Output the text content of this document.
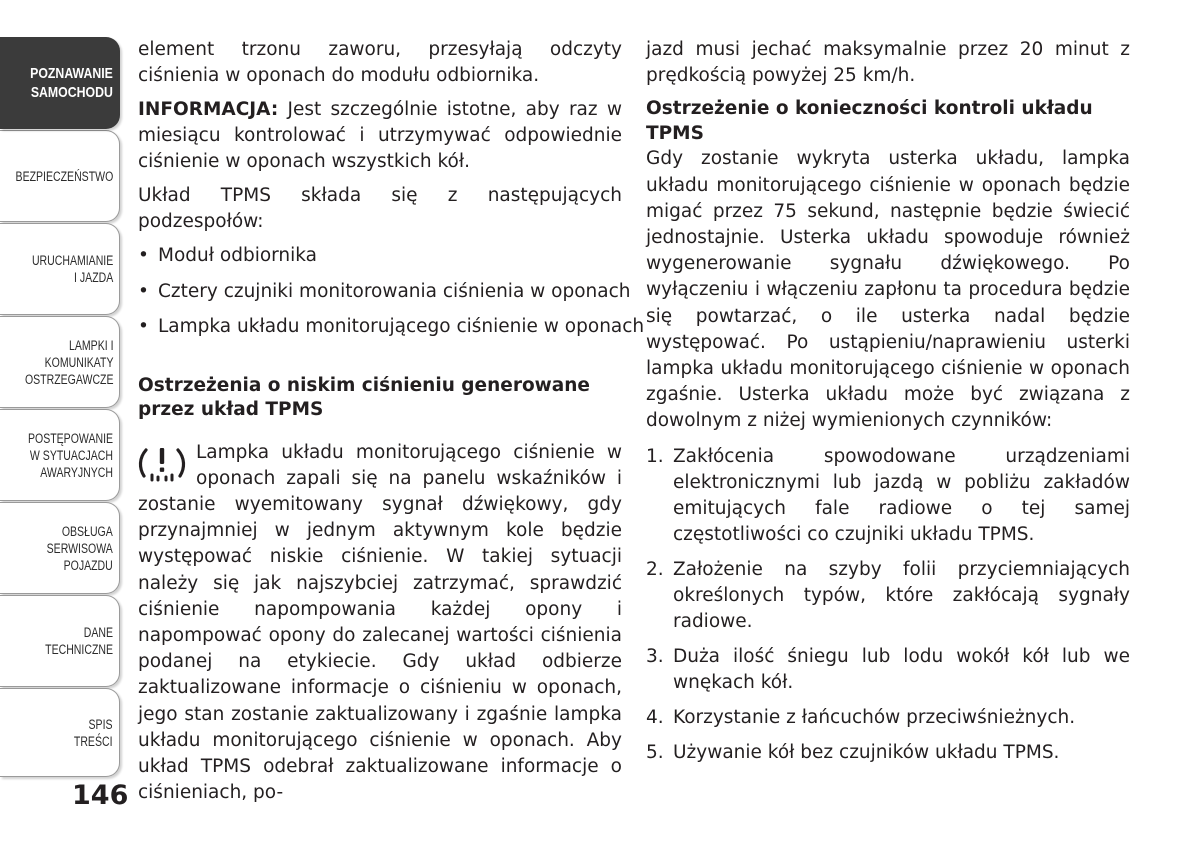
POZNAWANIE
SAMOCHODU
BEZPIECZEŃSTWO
URUCHAMIANIE
I JAZDA
LAMPKI I
KOMUNIKATY
OSTRZEGAWCZE
POSTĘPOWANIE
W SYTUACJACH
AWARYJNYCH
OBSŁUGA
SERWISOWA
POJAZDU
DANE
TECHNICZNE
SPIS
TREŚCI
146

element trzonu zaworu, przesyłają odczyty ciśnienia w oponach do modułu odbiornika.

INFORMACJA: Jest szczególnie istotne, aby raz w miesiącu kontrolować i utrzymywać odpowiednie ciśnienie w oponach wszystkich kół.

Układ TPMS składa się z następujących podzespołów:

• Moduł odbiornika
• Cztery czujniki monitorowania ciśnienia w oponach
• Lampka układu monitorującego ciśnienie w oponach
Ostrzeżenia o niskim ciśnieniu generowane przez układ TPMS

Lampka układu monitorującego ciśnienie w oponach zapali się na panelu wskaźników i zostanie wyemitowany sygnał dźwiękowy, gdy przynajmniej w jednym aktywnym kole będzie występować niskie ciśnienie. W takiej sytuacji należy się jak najszybciej zatrzymać, sprawdzić ciśnienie napompowania każdej opony i napompować opony do zalecanej wartości ciśnienia podanej na etykiecie. Gdy układ odbierze zaktualizowane informacje o ciśnieniu w oponach, jego stan zostanie zaktualizowany i zgaśnie lampka układu monitorującego ciśnienie w oponach. Aby układ TPMS odebrał zaktualizowane informacje o ciśnieniach, po-

jazd musi jechać maksymalnie przez 20 minut z prędkością powyżej 25 km/h.

Ostrzeżenie o konieczności kontroli układu TPMS

Gdy zostanie wykryta usterka układu, lampka układu monitorującego ciśnienie w oponach będzie migać przez 75 sekund, następnie będzie świecić jednostajnie. Usterka układu spowoduje również wygenerowanie sygnału dźwiękowego. Po wyłączeniu i włączeniu zapłonu ta procedura będzie się powtarzać, o ile usterka nadal będzie występować. Po ustąpieniu/naprawieniu usterki lampka układu monitorującego ciśnienie w oponach zgaśnie. Usterka układu może być związana z dowolnym z niżej wymienionych czynników:

1. Zakłócenia spowodowane urządzeniami elektronicznymi lub jazdą w pobliżu zakładów emitujących fale radiowe o tej samej częstotliwości co czujniki układu TPMS.
2. Założenie na szyby folii przyciemniających określonych typów, które zakłócają sygnały radiowe.
3. Duża ilość śniegu lub lodu wokół kół lub we wnękach kół.
4. Korzystanie z łańcuchów przeciwśnieżnych.
5. Używanie kół bez czujników układu TPMS.
